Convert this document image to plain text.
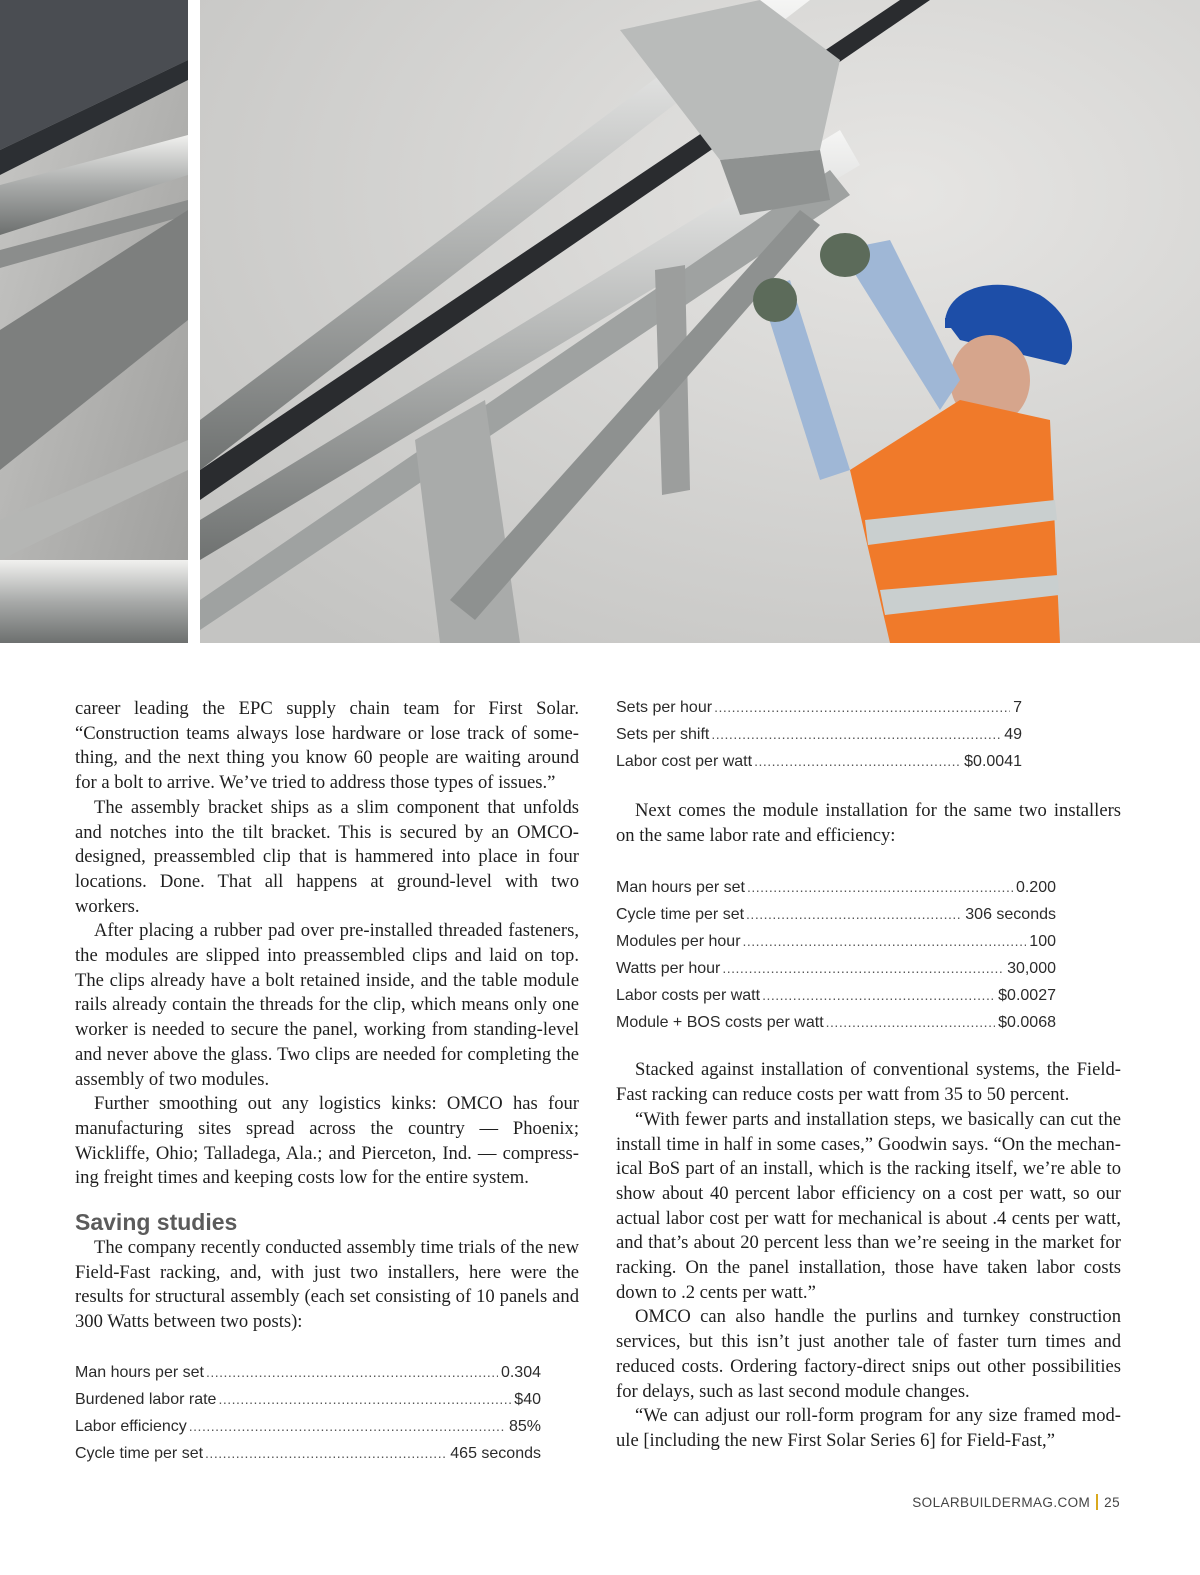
career leading the EPC supply chain team for First Solar. “Construction teams always lose hardware or lose track of some-thing, and the next thing you know 60 people are waiting around for a bolt to arrive. We’ve tried to address those types of issues.”

The assembly bracket ships as a slim component that unfolds and notches into the tilt bracket. This is secured by an OMCO-designed, preassembled clip that is hammered into place in four locations. Done. That all happens at ground-level with two workers.

After placing a rubber pad over pre-installed threaded fasteners, the modules are slipped into preassembled clips and laid on top. The clips already have a bolt retained inside, and the table module rails already contain the threads for the clip, which means only one worker is needed to secure the panel, working from standing-level and never above the glass. Two clips are needed for completing the assembly of two modules.

Further smoothing out any logistics kinks: OMCO has four manufacturing sites spread across the country — Phoenix; Wickliffe, Ohio; Talladega, Ala.; and Pierceton, Ind. — compress-ing freight times and keeping costs low for the entire system.

Saving studies

The company recently conducted assembly time trials of the new Field-Fast racking, and, with just two installers, here were the results for structural assembly (each set consisting of 10 panels and 300 Watts between two posts):

Man hours per set .....	0.304
Burdened labor rate .....	$40
Labor efficiency .....	85%
Cycle time per set .....	465 seconds
Sets per hour .....	7
Sets per shift .....	49
Labor cost per watt .....	$0.0041

Next comes the module installation for the same two installers on the same labor rate and efficiency:

Man hours per set .....	0.200
Cycle time per set .....	306 seconds
Modules per hour .....	100
Watts per hour .....	30,000
Labor costs per watt .....	$0.0027
Module + BOS costs per watt .....	$0.0068

Stacked against installation of conventional systems, the Field-Fast racking can reduce costs per watt from 35 to 50 percent.

“With fewer parts and installation steps, we basically can cut the install time in half in some cases,” Goodwin says. “On the mechan-ical BoS part of an install, which is the racking itself, we’re able to show about 40 percent labor efficiency on a cost per watt, so our actual labor cost per watt for mechanical is about .4 cents per watt, and that’s about 20 percent less than we’re seeing in the market for racking. On the panel installation, those have taken labor costs down to .2 cents per watt.”

OMCO can also handle the purlins and turnkey construction services, but this isn’t just another tale of faster turn times and reduced costs. Ordering factory-direct snips out other possibilities for delays, such as last second module changes.

“We can adjust our roll-form program for any size framed mod-ule [including the new First Solar Series 6] for Field-Fast,”

SOLARBUILDERMAG.COM 25
